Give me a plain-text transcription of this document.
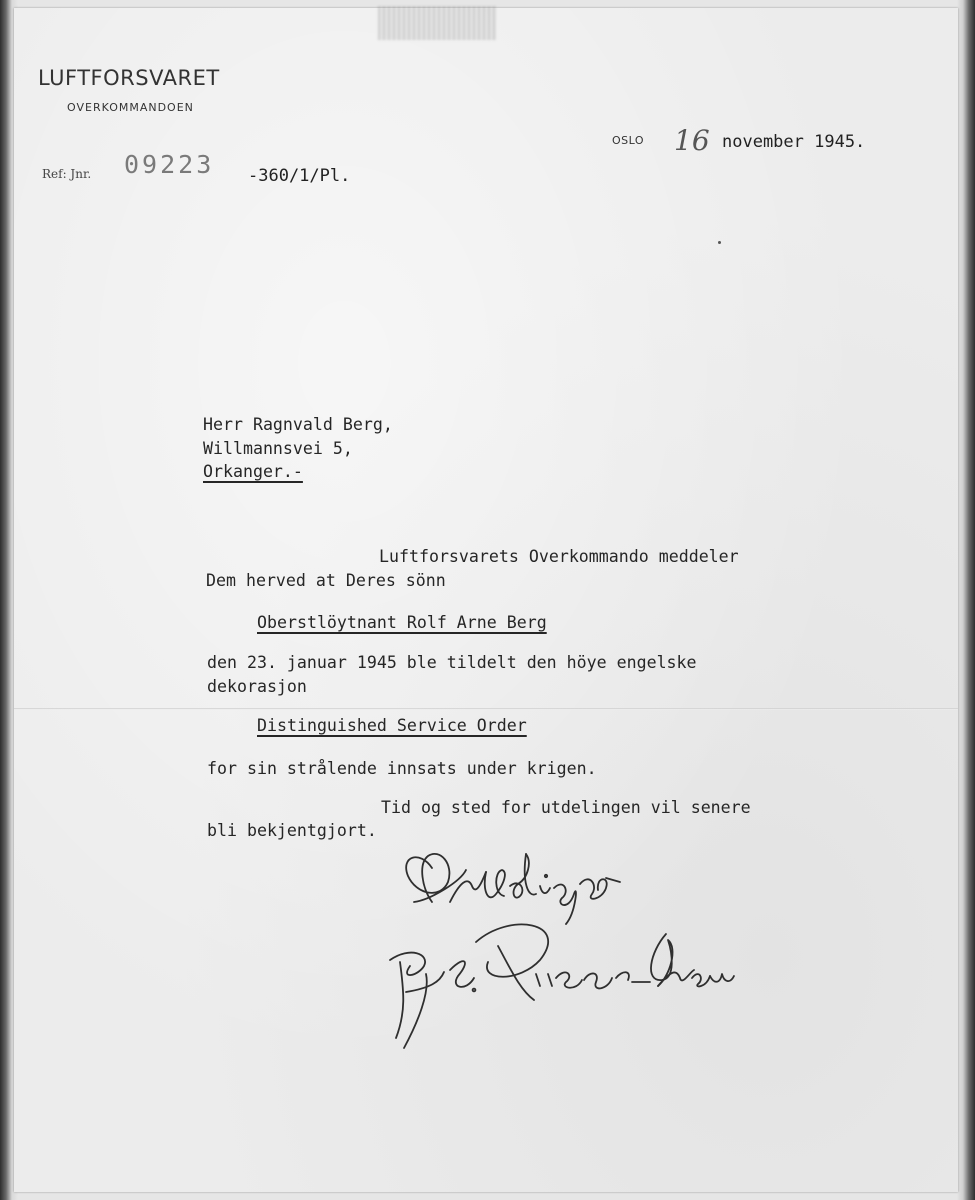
LUFTFORSVARET
OVERKOMMANDOEN
Ref: Jnr. 09223 -360/1/Pl.
OSLO 16 november 1945.
Herr Ragnvald Berg,
Willmannsvei 5,
Orkanger.-
Luftforsvarets Overkommando meddeler
Dem herved at Deres sönn
Oberstlöytnant Rolf Arne Berg
den 23. januar 1945 ble tildelt den höye engelske
dekorasjon
Distinguished Service Order
for sin strålende innsats under krigen.
Tid og sted for utdelingen vil senere
bli bekjentgjort.
